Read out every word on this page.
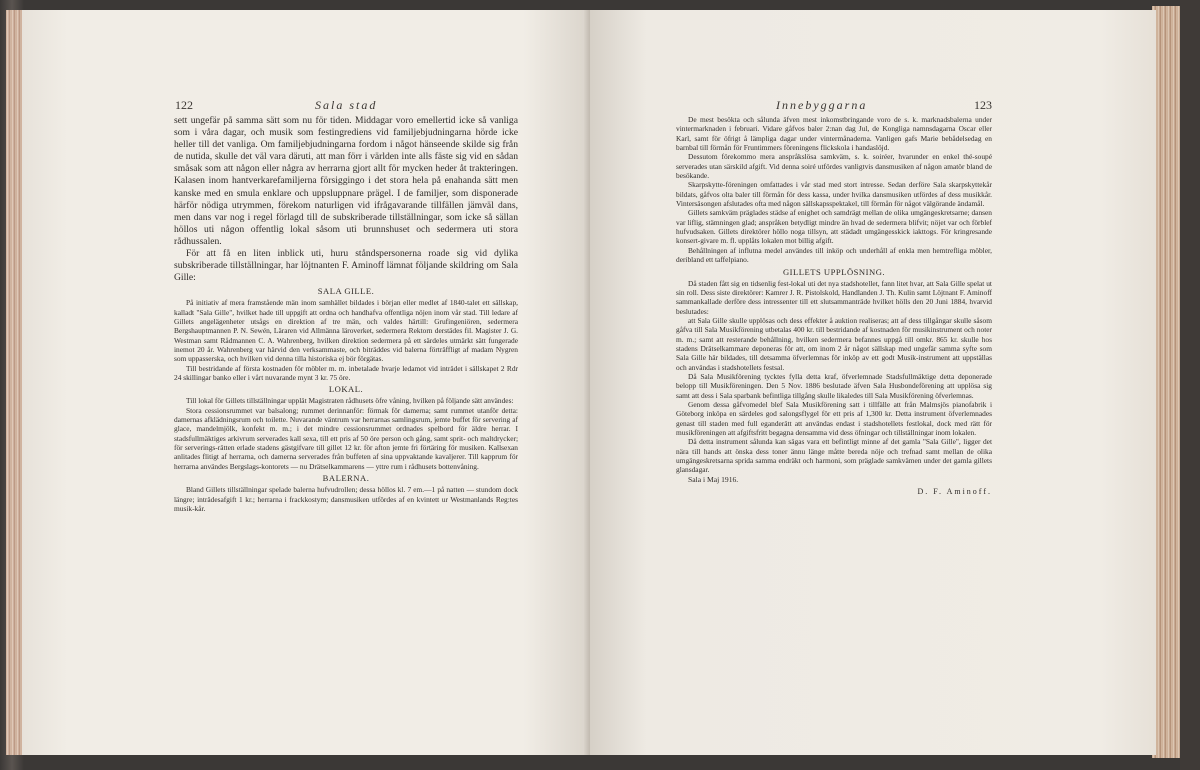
122	Sala stad

sett ungefär på samma sätt som nu för tiden. Middagar voro emellertid icke så vanliga som i våra dagar, och musik som festingrediens vid familjebjudningarna hörde icke heller till det vanliga. Om familjebjudningarna fordom i något hänseende skilde sig från de nutida, skulle det väl vara däruti, att man förr i världen inte alls fäste sig vid en sådan småsak som att någon eller några av herrarna gjort allt för mycken heder åt trakteringen. Kalasen inom hantverkarefamiljerna försiggingo i det stora hela på enahanda sätt men kanske med en smula enklare och uppsluppnare prägel. I de familjer, som disponerade härför nödiga utrymmen, förekom naturligen vid ifrågavarande tillfällen jämväl dans, men dans var nog i regel förlagd till de subskriberade tillställningar, som icke så sällan höllos uti någon offentlig lokal såsom uti brunnshuset och sedermera uti stora rådhussalen.

För att få en liten inblick uti, huru ståndspersonerna roade sig vid dylika subskriberade tillställningar, har löjtnanten F. Aminoff lämnat följande skildring om Sala Gille:

SALA GILLE.

På initiativ af mera framstående män inom samhället bildades i början eller medlet af 1840-talet ett sällskap, kalladt "Sala Gille", hvilket hade till uppgift att ordna och handhafva offentliga nöjen inom vår stad. Till ledare af Gillets angelägenheter utsågs en direktion af tre män, och valdes härtill: Grufingeniören, sedermera Bergshauptmannen P. N. Sewén, Läraren vid Allmänna läroverket, sedermera Rektorn derstädes fil. Magister J. G. Westman samt Rådmannen C. A. Wahrenberg, hvilken direktion sedermera på ett särdeles utmärkt sätt fungerade inemot 20 år. Wahrenberg var härvid den verksammaste, och biträddes vid balerna förträffligt af madam Nygren som uppasserska, och hvilken vid denna tilla historiska ej bör förgätas.

Till bestridande af första kostnaden för möbler m. m. inbetalade hvarje ledamot vid inträdet i sällskapet 2 Rdr 24 skillingar banko eller i vårt nuvarande mynt 3 kr. 75 öre.

LOKAL.

Till lokal för Gillets tillställningar upplät Magistraten rådhusets öfre våning, hvilken på följande sätt användes:

Stora cessionsrummet var balsalong; rummet derinnanför: förmak för damerna; samt rummet utanför detta: damernas afklädningsrum och toilette. Nuvarande väntrum var herrarnas samlingsrum, jemte buffet för servering af glace, mandelmjölk, konfekt m. m.; i det mindre cessionsrummet ordnades spelbord för äldre herrar. I stadsfullmäktiges arkivrum serverades kall sexa, till ett pris af 50 öre person och gång, samt sprit- och maltdrycker; för serverings-rätten erlade stadens gästgifvare till gillet 12 kr. för afton jemte fri förtäring för musiken. Kallsexan anlitades flitigt af herrarna, och damerna serverades från buffeten af sina uppvaktande kavaljerer. Till kapprum för herrarna användes Bergslags-kontorets — nu Drätselkammarens — yttre rum i rådhusets bottenvåning.

BALERNA.

Bland Gillets tillställningar spelade balerna hufvudrollen; dessa höllos kl. 7 em.—1 på natten — stundom dock längre; inträdesafgift 1 kr.; herrarna i frackkostym; dansmusiken utfördes af en kvintett ur Westmanlands Reg:tes musik-kår.

Innebyggarna	123

De mest besökta och sålunda äfven mest inkomstbringande voro de s. k. marknadsbalerna under vintermarknaden i februari. Vidare gåfvos baler 2:nan dag Jul, de Kongliga namnsdagarna Oscar eller Karl, samt för öfrigt å lämpliga dagar under vintermånaderna. Vanligen gafs Marie bebådelsedag en barnbal till förmån för Fruntimmers föreningens flickskola i handaslöjd.

Dessutom förekommo mera anspråkslösa samkväm, s. k. soiréer, hvarunder en enkel thé-soupé serverades utan särskild afgift. Vid denna soiré utfördes vanligtvis dansmusiken af någon amatör bland de besökande.

Skarpskytte-föreningen omfattades i vår stad med stort intresse. Sedan derföre Sala skarpskyttekår bildats, gåfvos olta baler till förmån för dess kassa, under hvilka dansmusiken utfördes af dess musikkår. Vintersäsongen afslutades ofta med någon sällskapsspektakel, till förmån för något välgörande ändamål.

Gillets samkväm präglades städse af enighet och samdrägt mellan de olika umgängeskretsarne; dansen var liflig, stämningen glad; anspråken betydligt mindre än hvad de sedermera blifvit; nöjet var och förblef hufvudsaken. Gillets direktörer höllo noga tillsyn, att städadt umgängesskick iakttogs. För kringresande konsert-givare m. fl. upplåts lokalen mot billig afgift.

Behållningen af influtna medel användes till inköp och underhåll af enkla men hemtrefliga möbler, deribland ett taffelpiano.

GILLETS UPPLÖSNING.

Då staden fått sig en tidsenlig fest-lokal uti det nya stadshotellet, fann litet hvar, att Sala Gille spelat ut sin roll. Dess siste direktörer: Kamrer J. R. Pistolskold, Handlanden J. Th. Kulin samt Löjtnant F. Aminoff sammankallade derföre dess intressenter till ett slutsammanträde hvilket hölls den 20 Juni 1884, hvarvid beslutades:

att Sala Gille skulle upplösas och dess effekter å auktion realiseras; att af dess tillgångar skulle såsom gåfva till Sala Musikförening utbetalas 400 kr. till bestridande af kostnaden för musikinstrument och noter m. m.; samt att resterande behållning, hvilken sedermera befannes uppgå till omkr. 865 kr. skulle hos stadens Drätselkammare deponeras för att, om inom 2 år något sällskap med ungefär samma syfte som Sala Gille här bildades, till detsamma öfverlemnas för inköp av ett godt Musik-instrument att uppställas och användas i stadshotellets festsal.

Då Sala Musikförening tycktes fylla detta kraf, öfverlemnade Stadsfullmäktige detta deponerade belopp till Musikföreningen. Den 5 Nov. 1886 beslutade äfven Sala Husbondeförening att upplösa sig samt att dess i Sala sparbank befintliga tillgång skulle likaledes till Sala Musikförening öfverlemnas.

Genom dessa gåfvomedel blef Sala Musikförening satt i tillfälle att från Malmsjös pianofabrik i Göteborg inköpa en särdeles god salongsflygel för ett pris af 1,300 kr. Detta instrument öfverlemnades genast till staden med full eganderätt att användas endast i stadshotellets festlokal, dock med rätt för musikföreningen att afgiftsfritt begagna densamma vid dess öfningar och tillställningar inom lokalen.

Då detta instrument sålunda kan sägas vara ett befintligt minne af det gamla "Sala Gille", ligger det nära till hands att önska dess toner ännu länge måtte bereda nöje och trefnad samt mellan de olika umgängeskretsarna sprida samma endräkt och harmoni, som präglade samkvämen under det gamla gillets glansdagar.

Sala i Maj 1916.

D. F. Aminoff.
